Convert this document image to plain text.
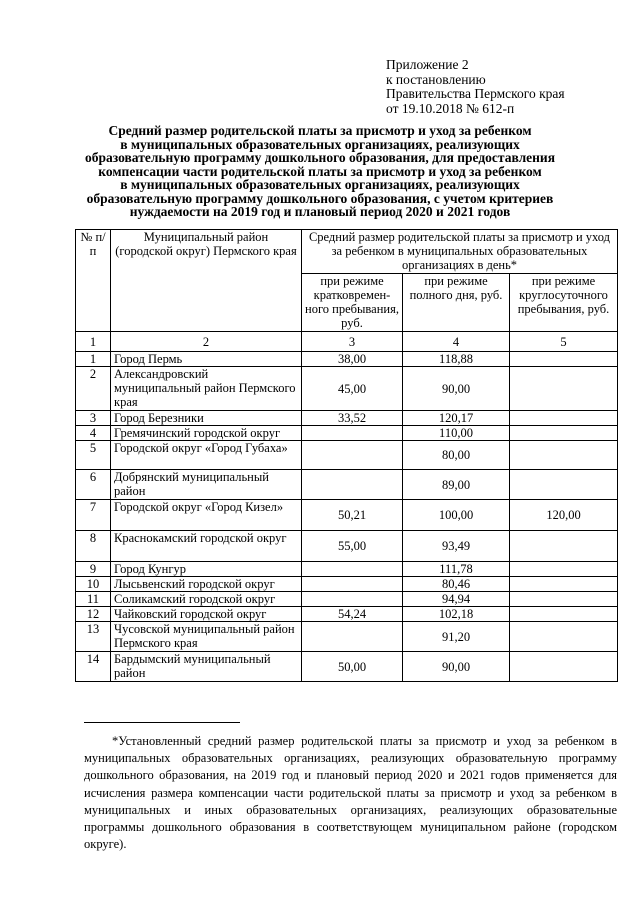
Приложение 2
к постановлению
Правительства Пермского края
от 19.10.2018 № 612-п
Средний размер родительской платы за присмотр и уход за ребенком
в муниципальных образовательных организациях, реализующих
образовательную программу дошкольного образования, для предоставления
компенсации части родительской платы за присмотр и уход за ребенком
в муниципальных образовательных организациях, реализующих
образовательную программу дошкольного образования, с учетом критериев
нуждаемости на 2019 год и плановый период 2020 и 2021 годов
№ п/п	Муниципальный район (городской округ) Пермского края	Средний размер родительской платы за присмотр и уход за ребенком в муниципальных образовательных организациях в день*		
		при режиме кратковремен-ного пребывания, руб.	при режиме полного дня, руб.	при режиме круглосуточного пребывания, руб.
1	2	3	4	5
1	Город Пермь	38,00	118,88	
2	Александровский муниципальный район Пермского края	45,00	90,00	
3	Город Березники	33,52	120,17	
4	Гремячинский городской округ		110,00	
5	Городской округ «Город Губаха»		80,00	
6	Добрянский муниципальный район		89,00	
7	Городской округ «Город Кизел»	50,21	100,00	120,00
8	Краснокамский городской округ	55,00	93,49	
9	Город Кунгур		111,78	
10	Лысьвенский городской округ		80,46	
11	Соликамский городской округ		94,94	
12	Чайковский городской округ	54,24	102,18	
13	Чусовской муниципальный район Пермского края		91,20	
14	Бардымский муниципальный район	50,00	90,00	
*Установленный средний размер родительской платы за присмотр и уход за ребенком в муниципальных образовательных организациях, реализующих образовательную программу дошкольного образования, на 2019 год и плановый период 2020 и 2021 годов применяется для исчисления размера компенсации части родительской платы за присмотр и уход за ребенком в муниципальных и иных образовательных организациях, реализующих образовательные программы дошкольного образования в соответствующем муниципальном районе (городском округе).
